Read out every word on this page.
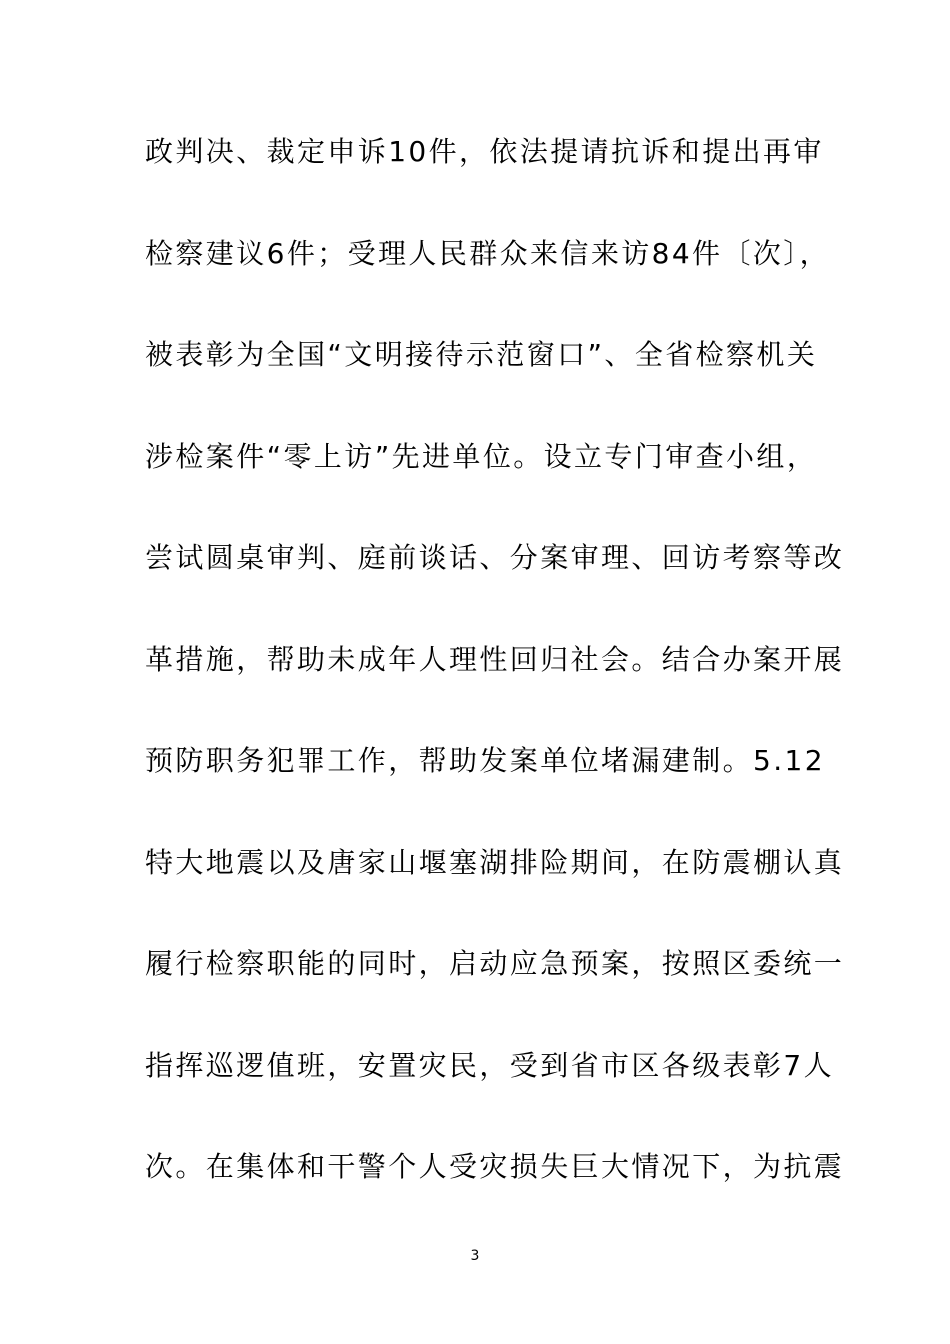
政判决、裁定申诉10件，依法提请抗诉和提出再审
检察建议6件；受理人民群众来信来访84件〔次〕，
被表彰为全国“文明接待示范窗口”、全省检察机关
涉检案件“零上访”先进单位。设立专门审查小组，
尝试圆桌审判、庭前谈话、分案审理、回访考察等改
革措施，帮助未成年人理性回归社会。结合办案开展
预防职务犯罪工作，帮助发案单位堵漏建制。5.12
特大地震以及唐家山堰塞湖排险期间，在防震棚认真
履行检察职能的同时，启动应急预案，按照区委统一
指挥巡逻值班，安置灾民，受到省市区各级表彰7人
次。在集体和干警个人受灾损失巨大情况下，为抗震
3
